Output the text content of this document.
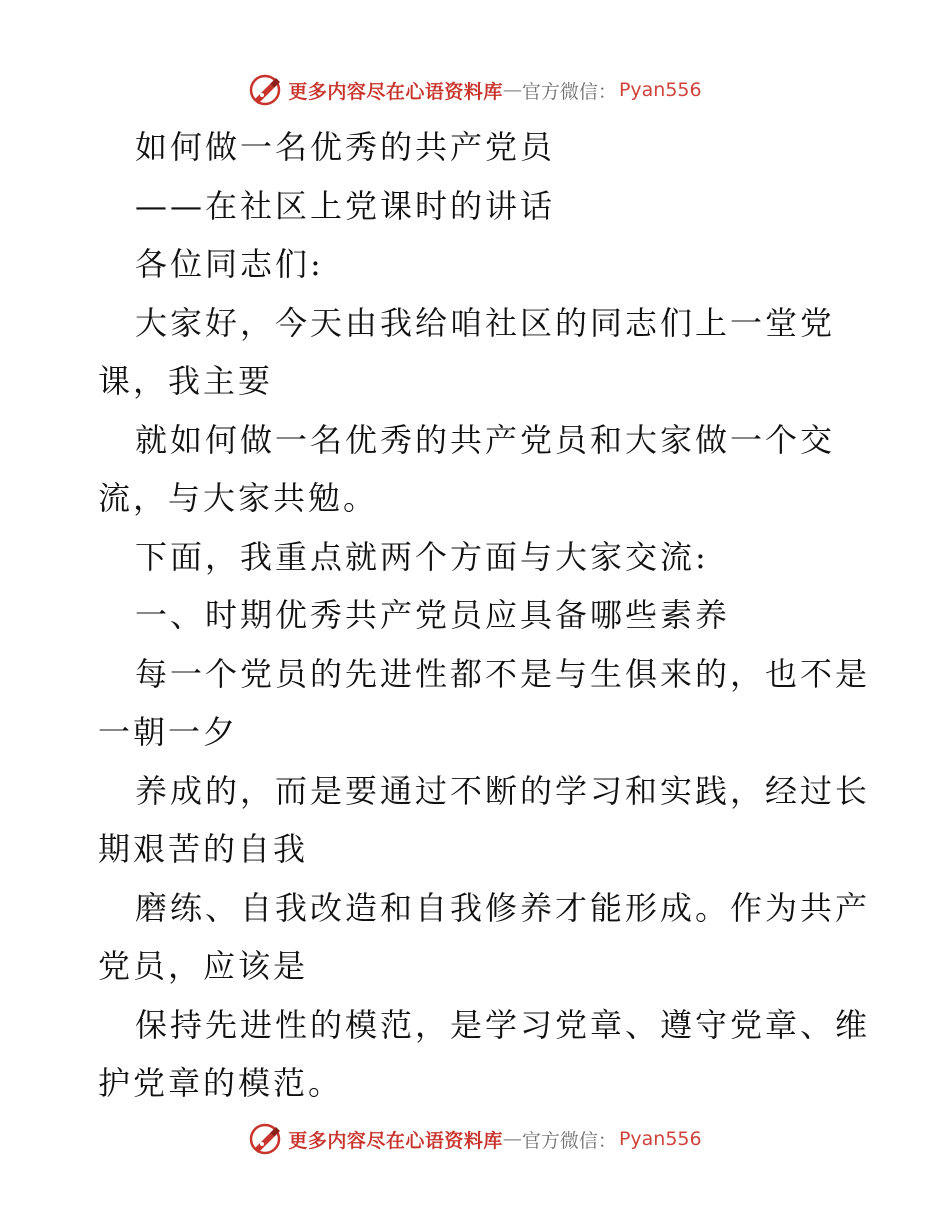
更多内容尽在心语资料库 — 官方微信： Pyan556
如何做一名优秀的共产党员
——在社区上党课时的讲话
各位同志们:
大家好，今天由我给咱社区的同志们上一堂党
课，我主要
就如何做一名优秀的共产党员和大家做一个交
流，与大家共勉。
下面，我重点就两个方面与大家交流:
一、时期优秀共产党员应具备哪些素养
每一个党员的先进性都不是与生俱来的，也不是
一朝一夕
养成的，而是要通过不断的学习和实践，经过长
期艰苦的自我
磨练、自我改造和自我修养才能形成。作为共产
党员，应该是
保持先进性的模范，是学习党章、遵守党章、维
护党章的模范。
更多内容尽在心语资料库 — 官方微信： Pyan556
